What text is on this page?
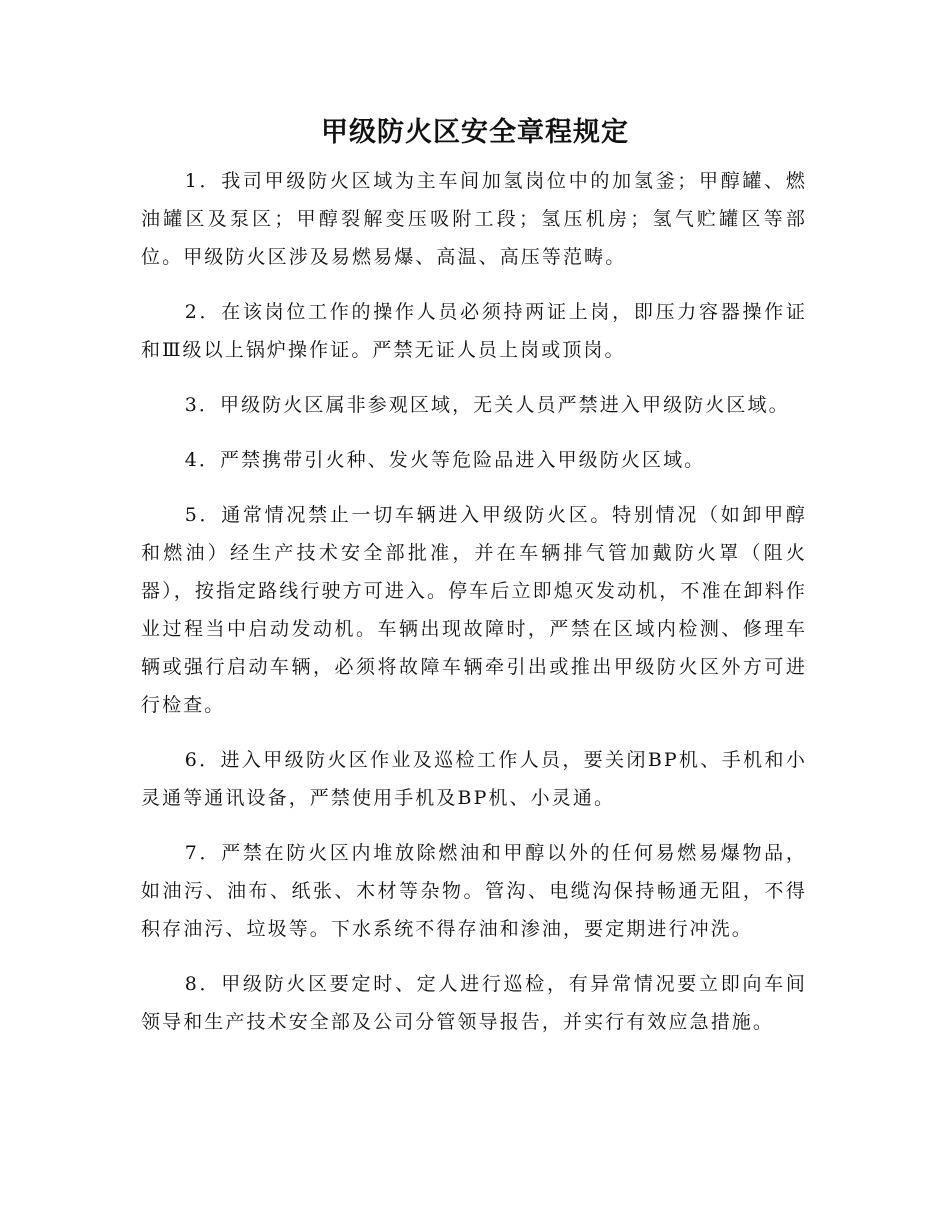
甲级防火区安全章程规定

1．我司甲级防火区域为主车间加氢岗位中的加氢釜；甲醇罐、燃油罐区及泵区；甲醇裂解变压吸附工段；氢压机房；氢气贮罐区等部位。甲级防火区涉及易燃易爆、高温、高压等范畴。

2．在该岗位工作的操作人员必须持两证上岗，即压力容器操作证和Ⅲ级以上锅炉操作证。严禁无证人员上岗或顶岗。

3．甲级防火区属非参观区域，无关人员严禁进入甲级防火区域。

4．严禁携带引火种、发火等危险品进入甲级防火区域。

5．通常情况禁止一切车辆进入甲级防火区。特别情况（如卸甲醇和燃油）经生产技术安全部批准，并在车辆排气管加戴防火罩（阻火器），按指定路线行驶方可进入。停车后立即熄灭发动机，不准在卸料作业过程当中启动发动机。车辆出现故障时，严禁在区域内检测、修理车辆或强行启动车辆，必须将故障车辆牵引出或推出甲级防火区外方可进行检查。

6．进入甲级防火区作业及巡检工作人员，要关闭BP机、手机和小灵通等通讯设备，严禁使用手机及BP机、小灵通。

7．严禁在防火区内堆放除燃油和甲醇以外的任何易燃易爆物品，如油污、油布、纸张、木材等杂物。管沟、电缆沟保持畅通无阻，不得积存油污、垃圾等。下水系统不得存油和渗油，要定期进行冲洗。

8．甲级防火区要定时、定人进行巡检，有异常情况要立即向车间领导和生产技术安全部及公司分管领导报告，并实行有效应急措施。
